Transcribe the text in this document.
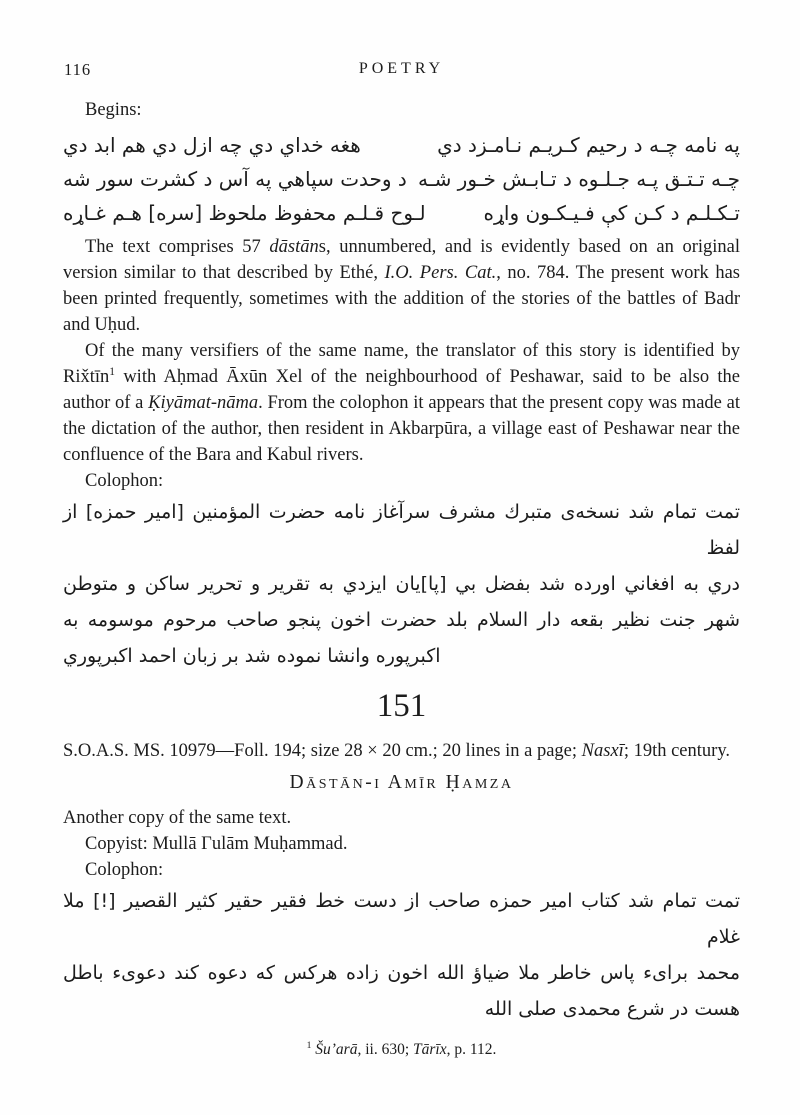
116	POETRY
Begins:
په نامه چـه د رحيم كـريـم نـامـزد دي
هغه خداي دي چه ازل دي هم ابد دي
چـه تـتـق پـه جـلـوه د تـابـش خـور شـه
د وحدت سپاهي په آس د كشرت سور شه
تـكـلـم د كـن كې فـيـكـون واړه
لـوح قـلـم محفوظ ملحوظ [سره] هـم غـاړه

The text comprises 57 dāstāns, unnumbered, and is evidently based on an original version similar to that described by Ethé, I.O. Pers. Cat., no. 784. The present work has been printed frequently, sometimes with the addition of the stories of the battles of Badr and Uḥud.

Of the many versifiers of the same name, the translator of this story is identified by Rix̌tīn$^1$ with Aḥmad Āxūn Xel of the neighbourhood of Peshawar, said to be also the author of a Ḳiyāmat-nāma. From the colophon it appears that the present copy was made at the dictation of the author, then resident in Akbarpūra, a village east of Peshawar near the confluence of the Bara and Kabul rivers.

Colophon:
تمت تمام شد نسخه‌ى متبرك مشرف سرآغاز نامه حضرت المؤمنين [امير حمزه] از لفظ
دري به افغاني اورده شد بفضل بي [پا]يان ايزدي به تقرير و تحرير ساكن و متوطن
شهر جنت نظير بقعه دار السلام بلد حضرت اخون پنجو صاحب مرحوم موسومه به
اكبرپوره وانشا نموده شد بر زبان احمد اكبرپوري
151

S.O.A.S. MS. 10979—Foll. 194; size 28 × 20 cm.; 20 lines in a page; Nasxī; 19th century.

Dāstān-i Amīr Ḥamza

Another copy of the same text.

Copyist: Mullā Γulām Muḥammad.

Colophon:
تمت تمام شد كتاب امير حمزه صاحب از دست خط فقير حقير كثير القصير [!] ملا غلام
محمد براىء پاس خاطر ملا ضياؤ الله اخون زاده هركس كه دعوه كند دعوىء باطل
هست در شرع محمدى صلى الله
$^1$ Šu’arā, ii. 630; Tārīx, p. 112.
